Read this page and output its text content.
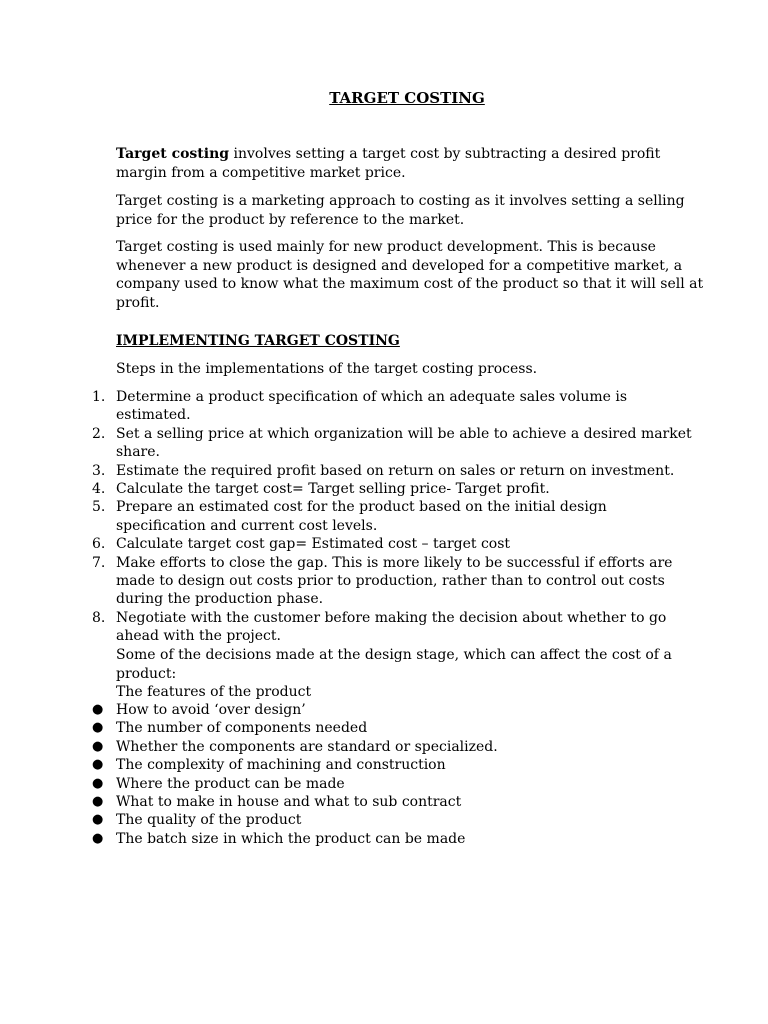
TARGET COSTING
Target costing involves setting a target cost by subtracting a desired profit margin from a competitive market price.
Target costing is a marketing approach to costing as it involves setting a selling price for the product by reference to the market.
Target costing is used mainly for new product development. This is because whenever a new product is designed and developed for a competitive market, a company used to know what the maximum cost of the product so that it will sell at profit.
IMPLEMENTING TARGET COSTING
Steps in the implementations of the target costing process.
1. Determine a product specification of which an adequate sales volume is estimated.
2. Set a selling price at which organization will be able to achieve a desired market share.
3. Estimate the required profit based on return on sales or return on investment.
4. Calculate the target cost= Target selling price- Target profit.
5. Prepare an estimated cost for the product based on the initial design specification and current cost levels.
6. Calculate target cost gap= Estimated cost – target cost
7. Make efforts to close the gap. This is more likely to be successful if efforts are made to design out costs prior to production, rather than to control out costs during the production phase.
8. Negotiate with the customer before making the decision about whether to go ahead with the project.
Some of the decisions made at the design stage, which can affect the cost of a product:
The features of the product
● How to avoid ‘over design’
● The number of components needed
● Whether the components are standard or specialized.
● The complexity of machining and construction
● Where the product can be made
● What to make in house and what to sub contract
● The quality of the product
● The batch size in which the product can be made
